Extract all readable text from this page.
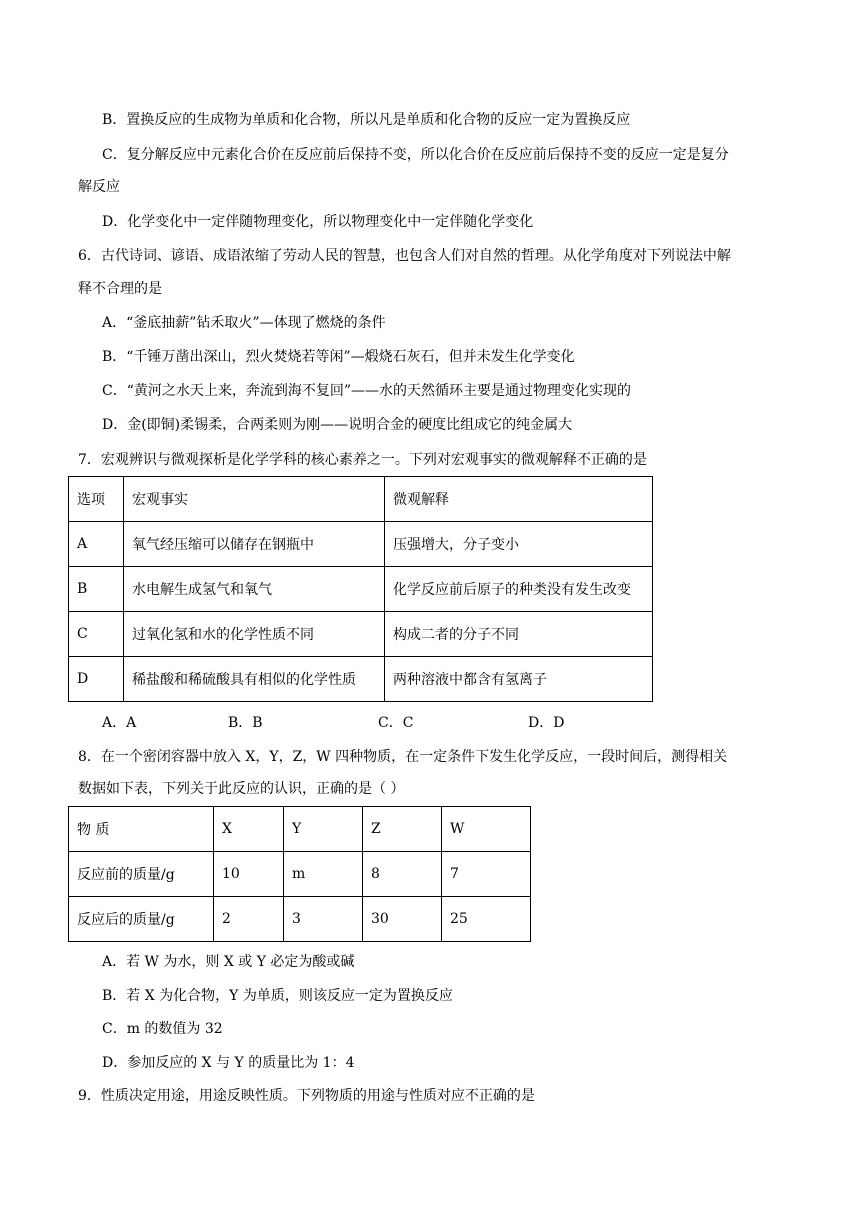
B．置换反应的生成物为单质和化合物，所以凡是单质和化合物的反应一定为置换反应
C．复分解反应中元素化合价在反应前后保持不变，所以化合价在反应前后保持不变的反应一定是复分
解反应
D．化学变化中一定伴随物理变化，所以物理变化中一定伴随化学变化
6．古代诗词、谚语、成语浓缩了劳动人民的智慧，也包含人们对自然的哲理。从化学角度对下列说法中解
释不合理的是
A．“釜底抽薪”钻禾取火”—体现了燃烧的条件
B．“千锤万凿出深山，烈火焚烧若等闲”—煅烧石灰石，但并未发生化学变化
C．“黄河之水天上来，奔流到海不复回”——水的天然循环主要是通过物理变化实现的
D．金(即铜)柔锡柔，合两柔则为刚——说明合金的硬度比组成它的纯金属大
7．宏观辨识与微观探析是化学学科的核心素养之一。下列对宏观事实的微观解释不正确的是
选项	宏观事实	微观解释
A	氧气经压缩可以储存在钢瓶中	压强增大，分子变小
B	水电解生成氢气和氧气	化学反应前后原子的种类没有发生改变
C	过氧化氢和水的化学性质不同	构成二者的分子不同
D	稀盐酸和稀硫酸具有相似的化学性质	两种溶液中都含有氢离子
A．A	B．B	C．C	D．D
8．在一个密闭容器中放入 X，Y，Z，W 四种物质，在一定条件下发生化学反应，一段时间后，测得相关
数据如下表，下列关于此反应的认识，正确的是（ ）
物 质	X	Y	Z	W
反应前的质量/g	10	m	8	7
反应后的质量/g	2	3	30	25
A．若 W 为水，则 X 或 Y 必定为酸或碱
B．若 X 为化合物，Y 为单质，则该反应一定为置换反应
C．m 的数值为 32
D．参加反应的 X 与 Y 的质量比为 1：4
9．性质决定用途，用途反映性质。下列物质的用途与性质对应不正确的是
